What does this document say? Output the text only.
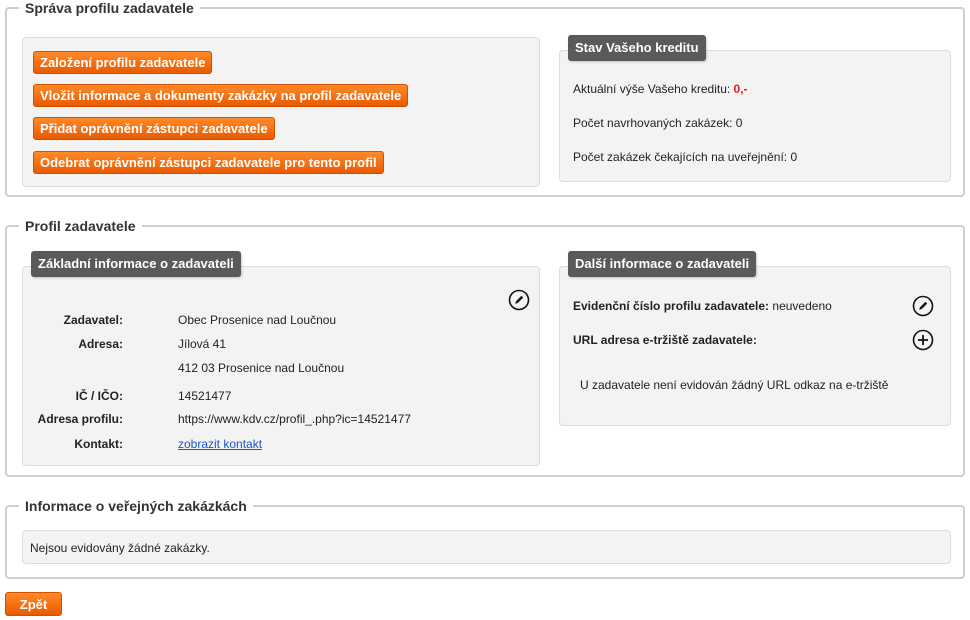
Správa profilu zadavatele
Založení profilu zadavatele
Vložit informace a dokumenty zakázky na profil zadavatele
Přidat oprávnění zástupci zadavatele
Odebrat oprávnění zástupci zadavatele pro tento profil
Stav Vašeho kreditu
Aktuální výše Vašeho kreditu: 0,-
Počet navrhovaných zakázek: 0
Počet zakázek čekajících na uveřejnění: 0
Profil zadavatele
Základní informace o zadavateli
Zadavatel:	Obec Prosenice nad Loučnou
Adresa:	Jílová 41
412 03 Prosenice nad Loučnou
IČ / IČO:	14521477
Adresa profilu:	https://www.kdv.cz/profil_.php?ic=14521477
Kontakt:	zobrazit kontakt
Další informace o zadavateli
Evidenční číslo profilu zadavatele: neuvedeno
URL adresa e-tržiště zadavatele:
U zadavatele není evidován žádný URL odkaz na e-tržiště
Informace o veřejných zakázkách
Nejsou evidovány žádné zakázky.
Zpět
